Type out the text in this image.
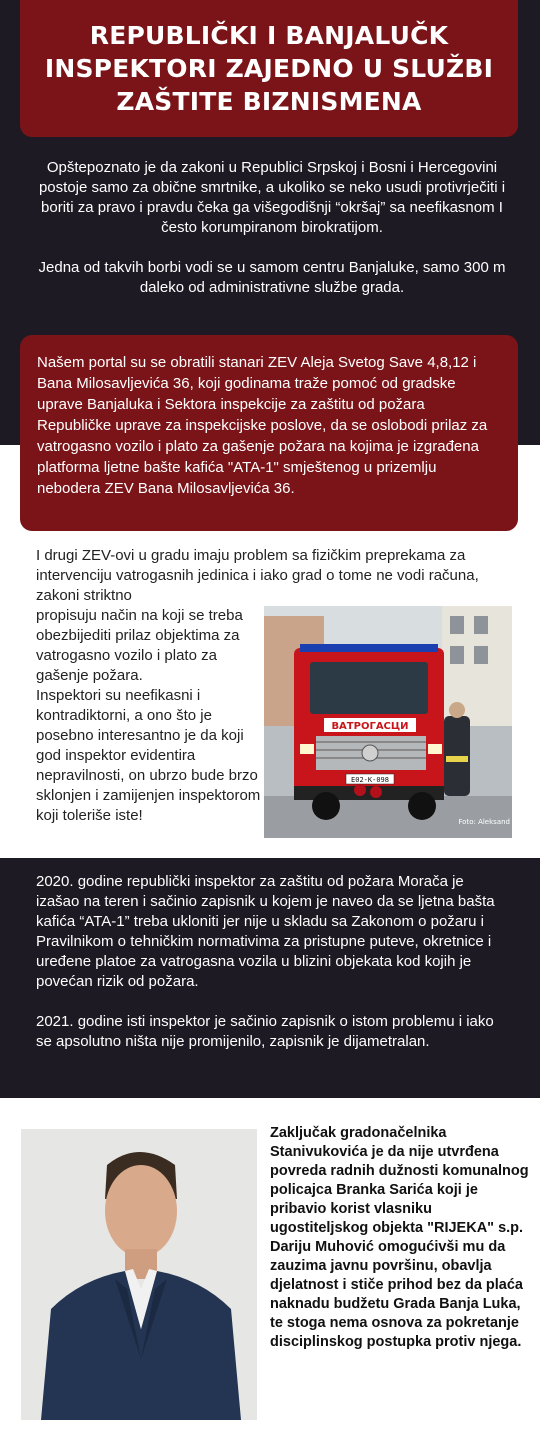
REPUBLIČKI I BANJALUČK
INSPEKTORI ZAJEDNO U SLUŽBI
ZAŠTITE BIZNISMENA

Opštepoznato je da zakoni u Republici Srpskoj i Bosni i Hercegovini postoje samo za obične smrtnike, a ukoliko se neko usudi protivrječiti i boriti za pravo i pravdu čeka ga višegodišnji “okršaj” sa neefikasnom I često korumpiranom birokratijom.

Jedna od takvih borbi vodi se u samom centru Banjaluke, samo 300 m daleko od administrativne službe grada.

Našem portal su se obratili stanari ZEV Aleja Svetog Save 4,8,12 i Bana Milosavljevića 36, koji godinama traže pomoć od gradske uprave Banjaluka i Sektora inspekcije za zaštitu od požara Republičke uprave za inspekcijske poslove, da se oslobodi prilaz za vatrogasno vozilo i plato za gašenje požara na kojima je izgrađena platforma ljetne bašte kafića "ATA-1" smještenog u prizemlju nebodera ZEV Bana Milosavljevića 36.

I drugi ZEV-ovi u gradu imaju problem sa fizičkim preprekama za intervenciju vatrogasnih jedinica i iako grad o tome ne vodi računa, zakoni striktno
propisuju način na koji se treba obezbijediti prilaz objektima za vatrogasno vozilo i plato za gašenje požara.
Inspektori su neefikasni i kontradiktorni, a ono što je posebno interesantno je da koji god inspektor evidentira nepravilnosti, on ubrzo bude brzo sklonjen i zamijenjen inspektorom koji toleriše iste!
ВАТРОГАСЦИ
E02-K-098
Foto: Aleksand

2020. godine republički inspektor za zaštitu od požara Morača je izašao na teren i sačinio zapisnik u kojem je naveo da se ljetna bašta kafića “ATA-1” treba ukloniti jer nije u skladu sa Zakonom o požaru i Pravilnikom o tehničkim normativima za pristupne puteve, okretnice i uređene platoe za vatrogasna vozila u blizini objekata kod kojih je povećan rizik od požara.

2021. godine isti inspektor je sačinio zapisnik o istom problemu i iako se apsolutno ništa nije promijenilo, zapisnik je dijametralan.

Zaključak gradonačelnika Stanivukovića je da nije utvrđena povreda radnih dužnosti komunalnog policajca Branka Sarića koji je pribavio korist vlasniku ugostiteljskog objekta "RIJEKA" s.p. Dariju Muhović omogućivši mu da zauzima javnu površinu, obavlja djelatnost i stiče prihod bez da plaća naknadu budžetu Grada Banja Luka, te stoga nema osnova za pokretanje disciplinskog postupka protiv njega.
